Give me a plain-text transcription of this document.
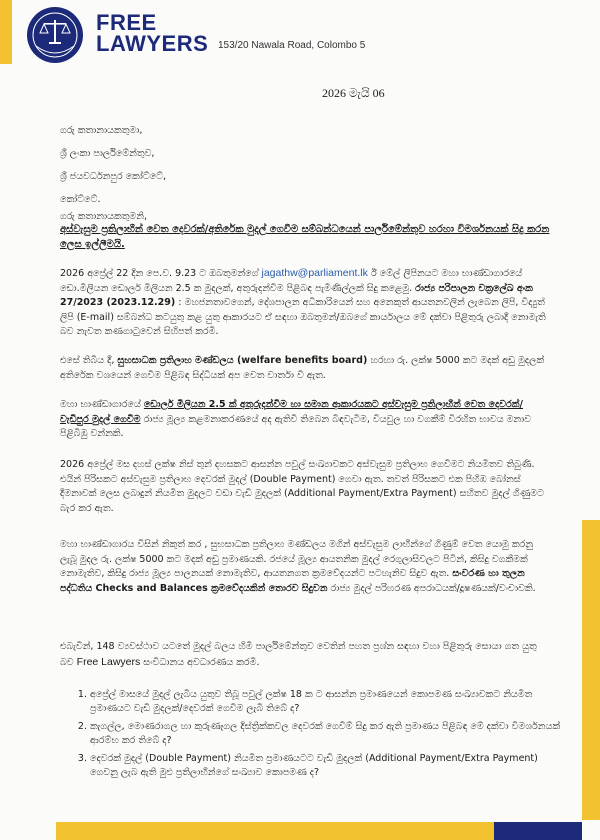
FREE
LAWYERS 153/20 Nawala Road, Colombo 5
2026 මැයි 06
ගරු කතානායකතුමා,
ශ්‍රී ලංකා පාර්ලිමේන්තුව,
ශ්‍රී ජයවර්ධනපුර කෝට්ටේ,
කෝට්ටේ.
ගරු කතානායකතුමනි,
අස්වැසුම ප්‍රතිලාභීන් වෙත දෙවරක්/අතිරේක මුදල් ගෙවීම සම්බන්ධයෙන් පාර්ලිමේන්තුව හරහා විමර්ශනයක් සිදු කරන ලෙස ඉල්ලීමයි.
2026 අප්‍රේල් 22 දින පෙ.ව. 9.23 ට ඔබතුමන්ගේ jagathw@parliament.lk ඊ මේල් ලිපිනයට මහා භාණ්ඩාගාරයේ ඩො.මිලියන ඩොලර් මිලියන 2.5 ක මුදලක්, අතුරුදන්වීම පිළිබඳ පැමිණිල්ලක් සිදු කළෙමු. රාජ්‍ය පරිපාලන චක්‍රලේඛ අංක 27/2023 (2023.12.29) : මහජනතාවගෙන්, දේශපාලන අධිකාරියෙන් සහ අනෙකුත් ආයතනවලින් ලැබෙන ලිපි, විද්‍යුත් ලිපි (E-mail) සම්බන්ධ කටයුතු කළ යුතු ආකාරයට ඒ සඳහා ඔබතුමන්/ඔබගේ කාර්යාලය මේ දක්වා පිළිතුරු ලබාදී නොමැති බව නැවත කණගාටුවෙන් සිහිපත් කරමි.
එසේ තිබිය දී, සුභසාධක ප්‍රතිලාභ මණ්ඩලය (welfare benefits board) හරහා රු. ලක්ෂ 5000 කට මදක් අඩු මුදලක් අතිරේක වශයෙන් ගෙවීම පිළිබඳ සිද්ධියක් අප වෙත වාර්තා වී ඇත.
මහා භාණ්ඩාගාරයේ ඩොලර් මිලියන 2.5 ක් අතුරුදන්වීම හා සමාන ආකාරයකට අස්වැසුම ප්‍රතිලාභීන් වෙත දෙවරක්/වැඩිපුර මුදල් ගෙවීම රාජ්‍ය මූල්‍ය කළමනාකරණයේ අද ඇතිවී තිබෙන බිඳවැටීම, වියවුල හා වගකීම් විරහිත භාවය මනාව පිළිබිඹු වන්නකි.
2026 අප්‍රේල් මස දහස් ලක්ෂ නිස් තුන් දහසකට ආසන්න පවුල් සංඛ්‍යාවකට අස්වැසුම ප්‍රතිලාභ ගෙවීමට නියමිතව තිබුණි. එයින් පිරිසකට අස්වැසුම ප්‍රතිලාභ දෙවරක් මුදල් (Double Payment) ගෙවා ඇත. තවත් පිරිසකට එක පිහිඹ බෝනස් දීමනාවක් ලෙස ලබාදුන් නියමිත මුදලට වඩා වැඩි මුදලක් (Additional Payment/Extra Payment) සහිතව මුදල් ගිණුමට බැර කර ඇත.
මහා භාණ්ඩාගාරය විසින් නිකුත් කර , සුභසාධක ප්‍රතිලාභ මණ්ඩලය මගින් අස්වැසුම ලාභීන්ගේ ගිණුම් වෙත යොමු කරනු ලැබූ මුදල රු. ලක්ෂ 5000 කට මදක් අඩු ප්‍රමාණයකි. රජයේ මූල්‍ය ආයතනික මුදල් රෙගුලාසිවලට පිටින්, කිසිදු වගකීමක් නොමැතිව, කිසිදු රාජ්‍ය මූල්‍ය පාලනයක් නොමැතිව, ආයතනගත ක්‍රමවේදයන්ට පටහැනිව සිදුව ඇත. සංවරණ හා තුලන පද්ධතිය Checks and Balances ක්‍රමවේදයකින් තොරව සිදුවන රාජ්‍ය මුදල් පරිහරණ අපරාධයක්/දූෂණයක්/වංචාවකි.
එබැවින්, 148 ව්‍යවස්ථාව යටතේ මුදල් බලය හිමි පාර්ලිමේන්තුව වෙතින් පහත ප්‍රශ්න සඳහා වහා පිළිතුරු සොයා ගත යුතු බව Free Lawyers සංවිධානය අවධාරණය කරමි.
1. අප්‍රේල් මාසයේ මුදල් ලැබිය යුතුව තිබූ පවුල් ලක්ෂ 18 ක ට ආසන්න ප්‍රමාණයෙන් කොපමණ සංඛ්‍යාවකට නියමිත ප්‍රමාණයට වැඩි මුදලක්/දෙවරක් ගෙවීම ලැබී තිබේ ද?
2. කැගල්ල, මොණරාගල හා කුරුණෑගල දිස්ත්‍රික්කවල දෙවරක් ගෙවීම් සිදු කර ඇති ප්‍රමාණය පිළිබඳ මේ දක්වා විමර්ශනයක් ආරම්භ කර තිබේ ද?
3. දෙවරක් මුදල් (Double Payment) නියමිත ප්‍රමාණයටට වැඩි මුදලක් (Additional Payment/Extra Payment) ගෙවනු ලැබ ඇති මුළු ප්‍රතිලාභීන්ගේ සංඛ්‍යාව කොපමණ ද?
